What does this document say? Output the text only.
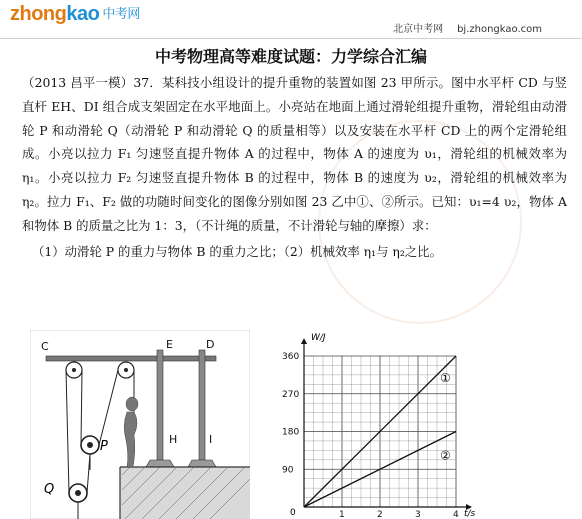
zhongkao 中考网
北京中考网 bj.zhongkao.com
中考物理高等难度试题：力学综合汇编

（2013 昌平一模）37．某科技小组设计的提升重物的装置如图 23 甲所示。图中水平杆 CD 与竖直杆 EH、DI 组合成支架固定在水平地面上。小亮站在地面上通过滑轮组提升重物，滑轮组由动滑轮 P 和动滑轮 Q（动滑轮 P 和动滑轮 Q 的质量相等）以及安装在水平杆 CD 上的两个定滑轮组成。小亮以拉力 F₁ 匀速竖直提升物体 A 的过程中，物体 A 的速度为 υ₁，滑轮组的机械效率为 η₁。小亮以拉力 F₂ 匀速竖直提升物体 B 的过程中，物体 B 的速度为 υ₂，滑轮组的机械效率为 η₂。拉力 F₁、F₂ 做的功随时间变化的图像分别如图 23 乙中①、②所示。已知：υ₁=4 υ₂，物体 A 和物体 B 的质量之比为 1：3，（不计绳的质量，不计滑轮与轴的摩擦）求：

（1）动滑轮 P 的重力与物体 B 的重力之比；（2）机械效率 η₁与 η₂之比。

C	E	D
H	I
P
Q
1	2	3	4
90
180
270
360
①
②
W/J
t/s
0
